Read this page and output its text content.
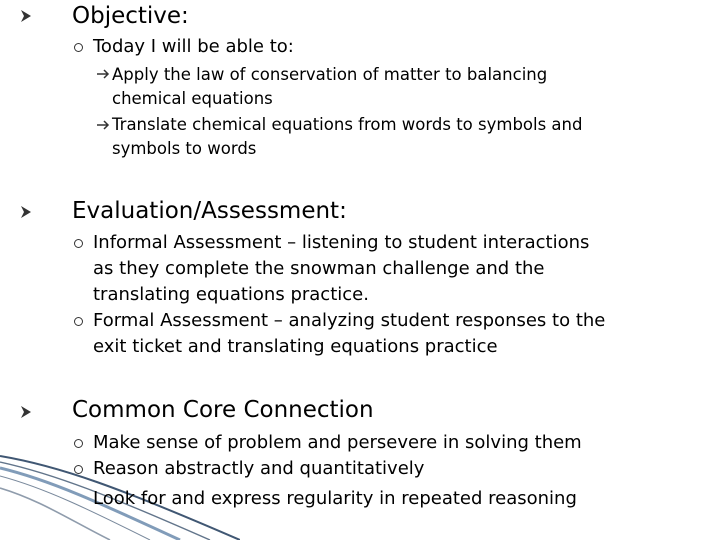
Objective:
Today I will be able to:
Apply the law of conservation of matter to balancing
chemical equations
Translate chemical equations from words to symbols and
symbols to words
Evaluation/Assessment:
Informal Assessment – listening to student interactions
as they complete the snowman challenge and the
translating equations practice.
Formal Assessment – analyzing student responses to the
exit ticket and translating equations practice
Common Core Connection
Make sense of problem and persevere in solving them
Reason abstractly and quantitatively
Look for and express regularity in repeated reasoning
